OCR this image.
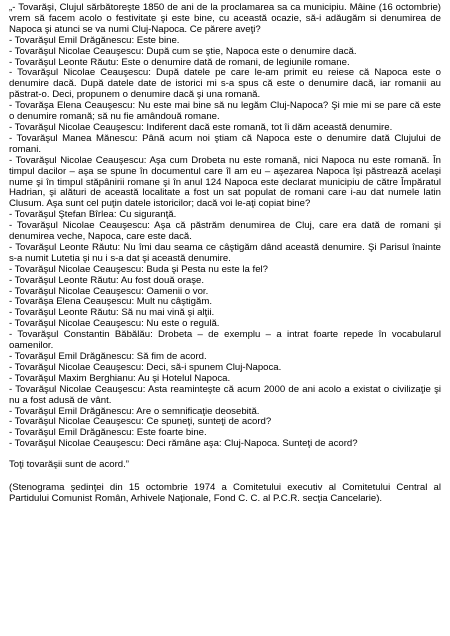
„- Tovarăşi, Clujul sărbătoreşte 1850 de ani de la proclamarea sa ca municipiu. Mâine (16 octombrie) vrem să facem acolo o festivitate şi este bine, cu această ocazie, să-i adăugăm si denumirea de Napoca şi atunci se va numi Cluj-Napoca. Ce părere aveţi?

- Tovarăşul Emil Drăgănescu: Este bine.

- Tovarăşul Nicolae Ceauşescu: După cum se ştie, Napoca este o denumire dacă.

- Tovarăşul Leonte Răutu: Este o denumire dată de romani, de legiunile romane.

- Tovarăşul Nicolae Ceauşescu: După datele pe care le-am primit eu reiese că Napoca este o denumire dacă. După datele date de istorici mi s-a spus că este o denumire dacă, iar romanii au păstrat-o. Deci, propunem o denumire dacă şi una romană.

- Tovarăşa Elena Ceauşescu: Nu este mai bine să nu legăm Cluj-Napoca? Şi mie mi se pare că este o denumire romană; să nu fie amândouă romane.

- Tovarăşul Nicolae Ceauşescu: Indiferent dacă este romană, tot îi dăm această denumire.

- Tovarăşul Manea Mănescu: Până acum noi ştiam că Napoca este o denumire dată Clujului de romani.

- Tovarăşul Nicolae Ceauşescu: Aşa cum Drobeta nu este romană, nici Napoca nu este romană. În timpul dacilor – aşa se spune în documentul care îl am eu – aşezarea Napoca îşi păstrează acelaşi nume şi în timpul stăpânirii romane şi în anul 124 Napoca este declarat municipiu de către Împăratul Hadrian, şi alături de această localitate a fost un sat populat de romani care i-au dat numele latin Clusum. Aşa sunt cel puţin datele istoricilor; dacă voi le-aţi copiat bine?

- Tovarăşul Ştefan Bîrlea: Cu siguranţă.

- Tovarăşul Nicolae Ceauşescu: Aşa că păstrăm denumirea de Cluj, care era dată de romani şi denumirea veche, Napoca, care este dacă.

- Tovarăşul Leonte Răutu: Nu îmi dau seama ce câştigăm dând această denumire. Şi Parisul înainte s-a numit Lutetia şi nu i s-a dat şi această denumire.

- Tovarăşul Nicolae Ceauşescu: Buda şi Pesta nu este la fel?

- Tovarăşul Leonte Răutu: Au fost două oraşe.

- Tovarăşul Nicolae Ceauşescu: Oamenii o vor.

- Tovarăşa Elena Ceauşescu: Mult nu câştigăm.

- Tovarăşul Leonte Răutu: Să nu mai vină şi alţii.

- Tovarăşul Nicolae Ceauşescu: Nu este o regulă.

- Tovarăşul Constantin Băbălău: Drobeta – de exemplu – a intrat foarte repede în vocabularul oamenilor.

- Tovarăşul Emil Drăgănescu: Să fim de acord.

- Tovarăşul Nicolae Ceauşescu: Deci, să-i spunem Cluj-Napoca.

- Tovarăşul Maxim Berghianu: Au şi Hotelul Napoca.

- Tovarăşul Nicolae Ceauşescu: Asta reaminteşte că acum 2000 de ani acolo a existat o civilizaţie şi nu a fost adusă de vânt.

- Tovarăşul Emil Drăgănescu: Are o semnificaţie deosebită.

- Tovarăşul Nicolae Ceauşescu: Ce spuneţi, sunteţi de acord?

- Tovarăşul Emil Drăgănescu: Este foarte bine.

- Tovarăşul Nicolae Ceauşescu: Deci rămâne aşa: Cluj-Napoca. Sunteţi de acord?

Toţi tovarăşii sunt de acord.”

(Stenograma şedinţei din 15 octombrie 1974 a Comitetului executiv al Comitetului Central al Partidului Comunist Român, Arhivele Naţionale, Fond C. C. al P.C.R. secţia Cancelarie).
